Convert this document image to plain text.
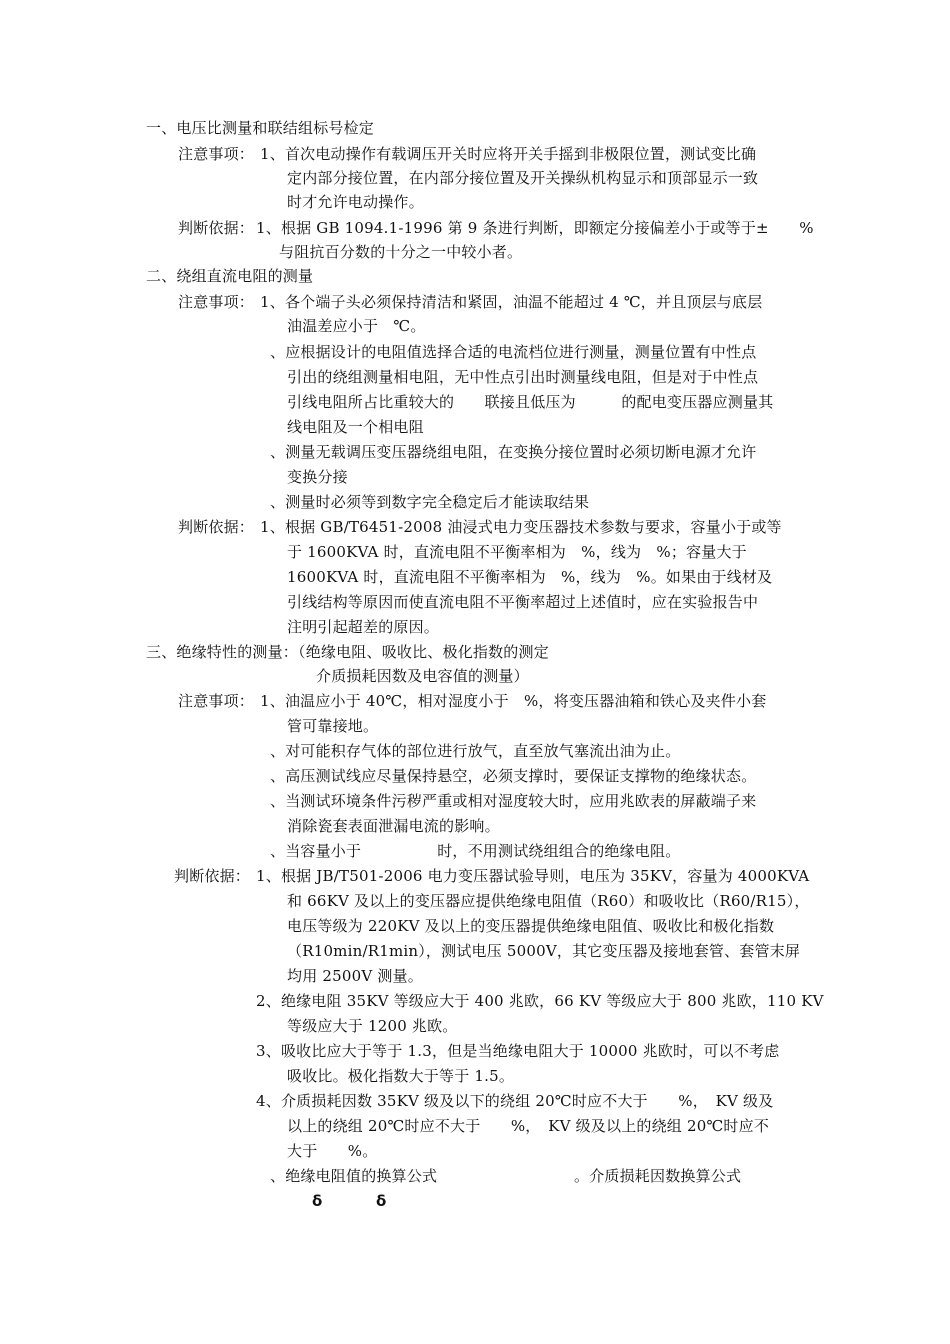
一、电压比测量和联结组标号检定
注意事项： 1、首次电动操作有载调压开关时应将开关手摇到非极限位置，测试变比确
定内部分接位置，在内部分接位置及开关操纵机构显示和顶部显示一致
时才允许电动操作。
判断依据： 1、根据 GB 1094.1-1996 第 9 条进行判断，即额定分接偏差小于或等于±　　%
与阻抗百分数的十分之一中较小者。
二、绕组直流电阻的测量
注意事项： 1、各个端子头必须保持清洁和紧固，油温不能超过 4 ℃，并且顶层与底层
油温差应小于　℃。
、应根据设计的电阻值选择合适的电流档位进行测量，测量位置有中性点
引出的绕组测量相电阻，无中性点引出时测量线电阻，但是对于中性点
引线电阻所占比重较大的　　联接且低压为　　　的配电变压器应测量其
线电阻及一个相电阻
、测量无载调压变压器绕组电阻，在变换分接位置时必须切断电源才允许
变换分接
、测量时必须等到数字完全稳定后才能读取结果
判断依据： 1、根据 GB/T6451-2008 油浸式电力变压器技术参数与要求，容量小于或等
于 1600KVA 时，直流电阻不平衡率相为　%，线为　%；容量大于
1600KVA 时，直流电阻不平衡率相为　%，线为　%。如果由于线材及
引线结构等原因而使直流电阻不平衡率超过上述值时，应在实验报告中
注明引起超差的原因。
三、绝缘特性的测量：（绝缘电阻、吸收比、极化指数的测定
介质损耗因数及电容值的测量）
注意事项： 1、油温应小于 40℃，相对湿度小于　%，将变压器油箱和铁心及夹件小套
管可靠接地。
、对可能积存气体的部位进行放气，直至放气塞流出油为止。
、高压测试线应尽量保持悬空，必须支撑时，要保证支撑物的绝缘状态。
、当测试环境条件污秽严重或相对湿度较大时，应用兆欧表的屏蔽端子来
消除瓷套表面泄漏电流的影响。
、当容量小于　　　　　时，不用测试绕组组合的绝缘电阻。
判断依据： 1、根据 JB/T501-2006 电力变压器试验导则，电压为 35KV，容量为 4000KVA
和 66KV 及以上的变压器应提供绝缘电阻值（R60）和吸收比（R60/R15），
电压等级为 220KV 及以上的变压器提供绝缘电阻值、吸收比和极化指数
（R10min/R1min），测试电压 5000V，其它变压器及接地套管、套管末屏
均用 2500V 测量。
2、绝缘电阻 35KV 等级应大于 400 兆欧，66 KV 等级应大于 800 兆欧，110 KV
等级应大于 1200 兆欧。
3、吸收比应大于等于 1.3，但是当绝缘电阻大于 10000 兆欧时，可以不考虑
吸收比。极化指数大于等于 1.5。
4、介质损耗因数 35KV 级及以下的绕组 20℃时应不大于　　%，　KV 级及
以上的绕组 20℃时应不大于　　%，　KV 级及以上的绕组 20℃时应不
大于　　%。
、绝缘电阻值的换算公式　　　　　　　　　。介质损耗因数换算公式
δ	δ
